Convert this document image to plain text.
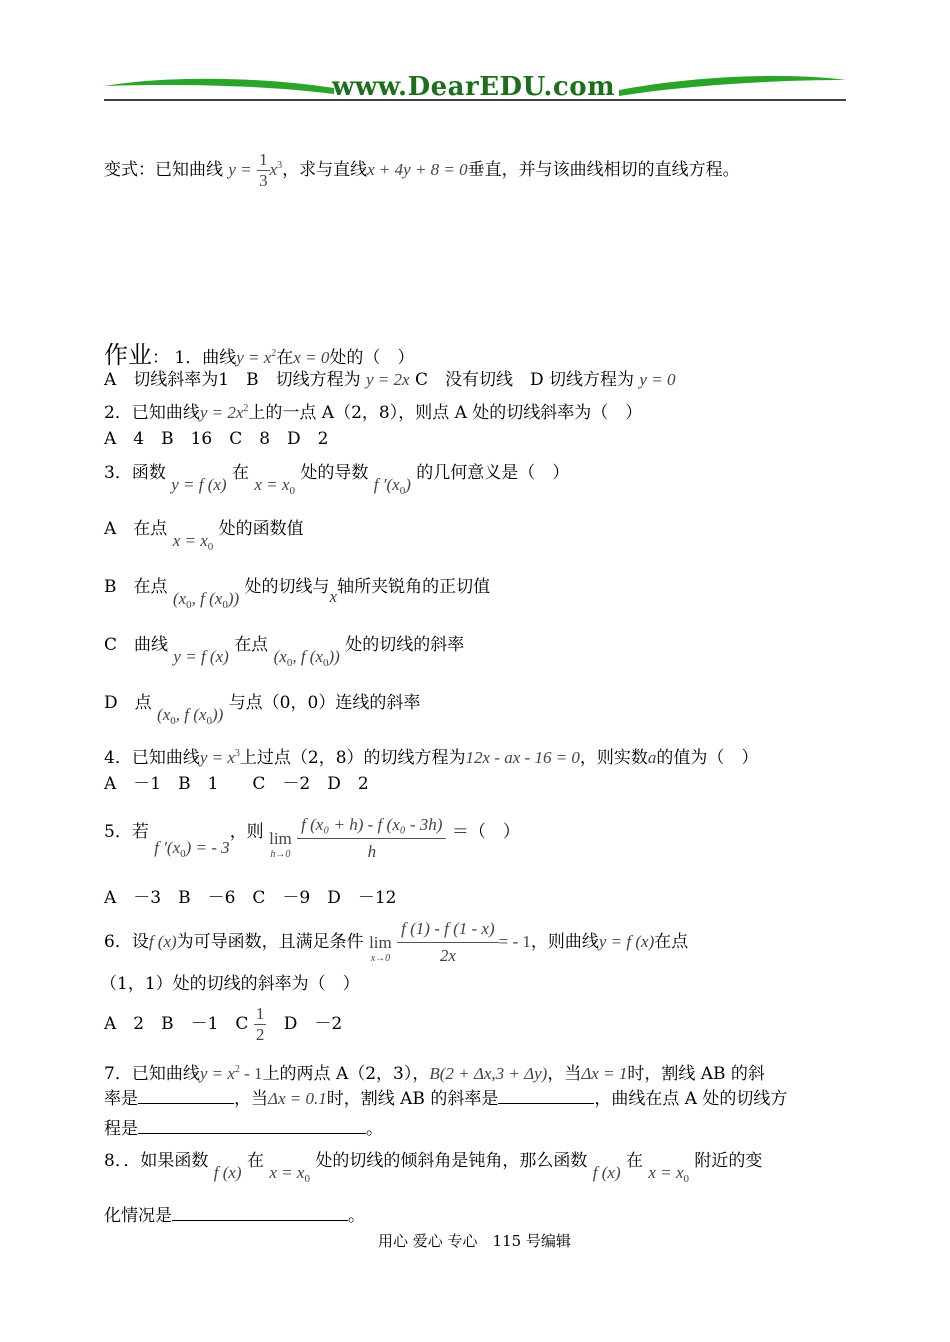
www.DearEDU.com
变式：已知曲线 $y = \frac{1}{3} x^3$，求与直线x + 4y + 8 = 0垂直，并与该曲线相切的直线方程。
作业： 1．曲线$y = x^2$在x = 0处的（　）
A　切线斜率为1　B　切线方程为 y = 2x C　没有切线　D 切线方程为 y = 0
2．已知曲线$y = 2x^2$上的一点 A（2，8），则点 A 处的切线斜率为（　）
A　4　B　16　C　8　D　2
3．函数 y = f (x) 在 $x = x_0$ 处的导数 f $'(x_0)$ 的几何意义是（　）
A　在点 $x = x_0$ 处的函数值
B　在点 ($x_0$, f $(x_0)$) 处的切线与x轴所夹锐角的正切值
C　曲线 y = f (x) 在点 ($x_0$, f $(x_0)$) 处的切线的斜率
D　点 ($x_0$, f $(x_0)$) 与点（0，0）连线的斜率
4．已知曲线$y = x^3$上过点（2，8）的切线方程为12x - ax - 16 = 0，则实数a的值为（　）
A　－1　B　1　　C　－2　D　2
5．若 f $'(x_0)$ = - 3，则 lim
h→0
$\frac{\text{f (x₀ + h) - f (x₀ - 3h)}}{h}$ ＝（　）
A　－3　B　－6　C　－9　D　－12
6．设f (x)为可导函数，且满足条件 lim
x→0
$\frac{f (1) - f (1 - x)}{2x}$ = - 1，则曲线y = f (x)在点
（1，1）处的切线的斜率为（　）
A　2　B　－1　C $\frac{1}{2}$ D　－2
7．已知曲线$y = x^2 - 1$上的两点 A（2，3），B(2 + Δx,3 + Δy)，当Δx = 1时，割线 AB 的斜
率是	，当Δx = 0.1时，割线 AB 的斜率是	，曲线在点 A 处的切线方
程是	。
8．．如果函数 f (x) 在 $x = x_0$ 处的切线的倾斜角是钝角，那么函数 f (x) 在 $x = x_0$ 附近的变
化情况是	。
用心 爱心 专心　115 号编辑
